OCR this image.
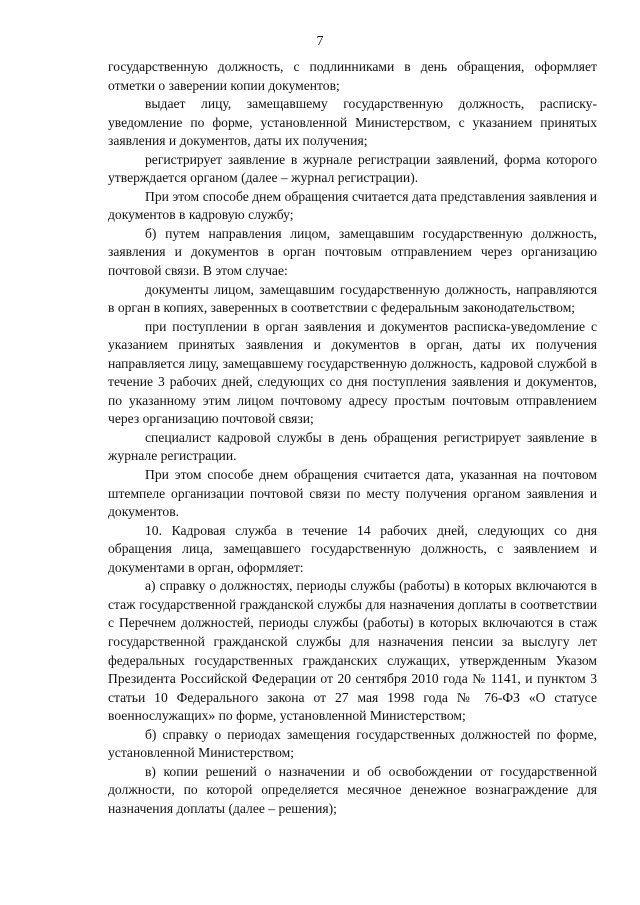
7

государственную должность, с подлинниками в день обращения, оформляет отметки о заверении копии документов;

выдает лицу, замещавшему государственную должность, расписку-уведомление по форме, установленной Министерством, с указанием принятых заявления и документов, даты их получения;

регистрирует заявление в журнале регистрации заявлений, форма которого утверждается органом (далее – журнал регистрации).

При этом способе днем обращения считается дата представления заявления и документов в кадровую службу;

б) путем направления лицом, замещавшим государственную должность, заявления и документов в орган почтовым отправлением через организацию почтовой связи. В этом случае:

документы лицом, замещавшим государственную должность, направляются в орган в копиях, заверенных в соответствии с федеральным законодательством;

при поступлении в орган заявления и документов расписка-уведомление с указанием принятых заявления и документов в орган, даты их получения направляется лицу, замещавшему государственную должность, кадровой службой в течение 3 рабочих дней, следующих со дня поступления заявления и документов, по указанному этим лицом почтовому адресу простым почтовым отправлением через организацию почтовой связи;

специалист кадровой службы в день обращения регистрирует заявление в журнале регистрации.

При этом способе днем обращения считается дата, указанная на почтовом штемпеле организации почтовой связи по месту получения органом заявления и документов.

10. Кадровая служба в течение 14 рабочих дней, следующих со дня обращения лица, замещавшего государственную должность, с заявлением и документами в орган, оформляет:

а) справку о должностях, периоды службы (работы) в которых включаются в стаж государственной гражданской службы для назначения доплаты в соответствии с Перечнем должностей, периоды службы (работы) в которых включаются в стаж государственной гражданской службы для назначения пенсии за выслугу лет федеральных государственных гражданских служащих, утвержденным Указом Президента Российской Федерации от 20 сентября 2010 года № 1141, и пунктом 3 статьи 10 Федерального закона от 27 мая 1998 года № 76-ФЗ «О статусе военнослужащих» по форме, установленной Министерством;

б) справку о периодах замещения государственных должностей по форме, установленной Министерством;

в) копии решений о назначении и об освобождении от государственной должности, по которой определяется месячное денежное вознаграждение для назначения доплаты (далее – решения);
